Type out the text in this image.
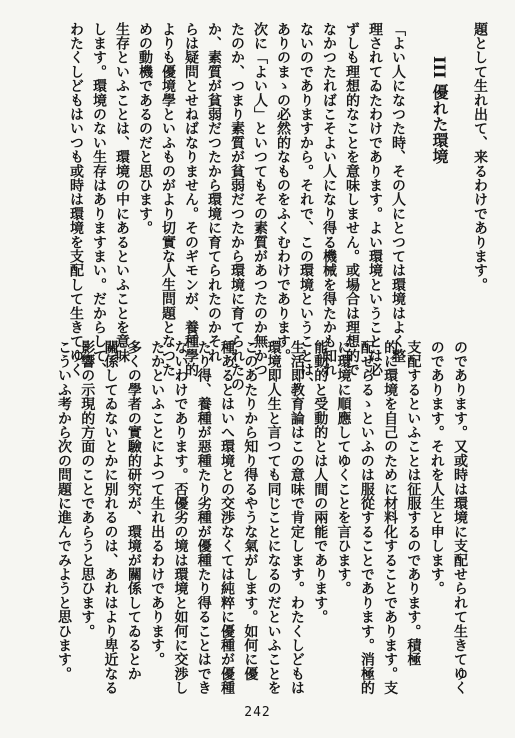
題として生れ出て、来るわけであります。
III 優れた環境
「よい人になつた時、その人にとつては環境はよく整
理されてゐたわけであります。よい環境ということは必
ずしも理想的なことを意味しません。或場合は理想的で
なかつたればこそよい人になり得る機械を得たかも知れ
ないのでありますから。それで、この環境ということは、
ありのまゝの必然的なものをふくむわけであります。
次に「よい人」といつてもその素質があつたのか無かつ
たのか、つまり素質が貧弱だつたから環境に育てられたの
か、素質が貧弱だつたから環境に育てられたのかそれ
らは疑問とせねばなりません。そのギモンが、養種學的
よりも優境學といふものがより切實な人生問題となつた
めの動機であるのだと思ひます。
生存といふことは、環境の中にあるといふことを意味
します。環境のない生存はありますまい。だからして、
わたくしどもはいつも或時は環境を支配して生きてゆく
のであります。又或時は環境に支配せられて生きてゆく
のであります。それを人生と申します。
支配するといふことは征服するのであります。積極
的に環境を自己のために材料化することであります。支
配せらるゝといふのは服從することであります。消極的
に環境に順應してゆくことを言ひます。
能動的と受動的とは人間の兩能であります。
生活即教育論はこの意味で肯定します。わたくしどもは
環境即人生と言つても同じことになるのだといふことを
このあたりから知り得るやうな氣がします。如何に優
種あるとはいへ環境との交渉なくては純粹に優種が優種
たり得、養種が惡種たり劣種が優種たり得ることはでき
ないわけであります。否優劣の境は環境と如何に交渉し
たかといふことによつて生れ出るわけであります。
多くの學者の實驗的研究が、環境が關係してゐるとか
關係してゐないとかに別れるのは、あれはより卑近なる
影響の示現的方面のことであらうと思ひます。
こういふ考から次の問題に進んでみようと思ひます。
242
